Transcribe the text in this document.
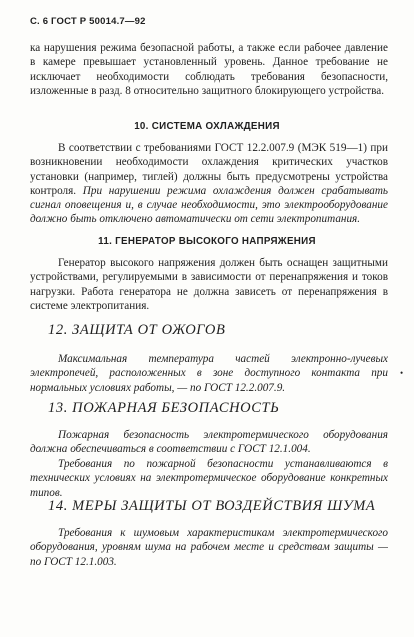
С. 6 ГОСТ Р 50014.7—92
ка нарушения режима безопасной работы, а также если рабочее давление в камере превышает установленный уровень. Данное требование не исключает необходимости соблюдать требования безопасности, изложенные в разд. 8 относительно защитного блокирующего устройства.
10. СИСТЕМА ОХЛАЖДЕНИЯ
В соответствии с требованиями ГОСТ 12.2.007.9 (МЭК 519—1) при возникновении необходимости охлаждения критических участков установки (например, тиглей) должны быть предусмотрены устройства контроля. При нарушении режима охлаждения должен срабатывать сигнал оповещения и, в случае необходимости, это электрооборудование должно быть отключено автоматически от сети электропитания.
11. ГЕНЕРАТОР ВЫСОКОГО НАПРЯЖЕНИЯ
Генератор высокого напряжения должен быть оснащен защитными устройствами, регулируемыми в зависимости от перенапряжения и токов нагрузки. Работа генератора не должна зависеть от перенапряжения в системе электропитания.
12. ЗАЩИТА ОТ ОЖОГОВ
Максимальная температура частей электронно-лучевых электропечей, расположенных в зоне доступного контакта при нормальных условиях работы, — по ГОСТ 12.2.007.9.
•
13. ПОЖАРНАЯ БЕЗОПАСНОСТЬ
Пожарная безопасность электротермического оборудования должна обеспечиваться в соответствии с ГОСТ 12.1.004.
Требования по пожарной безопасности устанавливаются в технических условиях на электротермическое оборудование конкретных типов.
14. МЕРЫ ЗАЩИТЫ ОТ ВОЗДЕЙСТВИЯ ШУМА
Требования к шумовым характеристикам электротермического оборудования, уровням шума на рабочем месте и средствам защиты — по ГОСТ 12.1.003.
